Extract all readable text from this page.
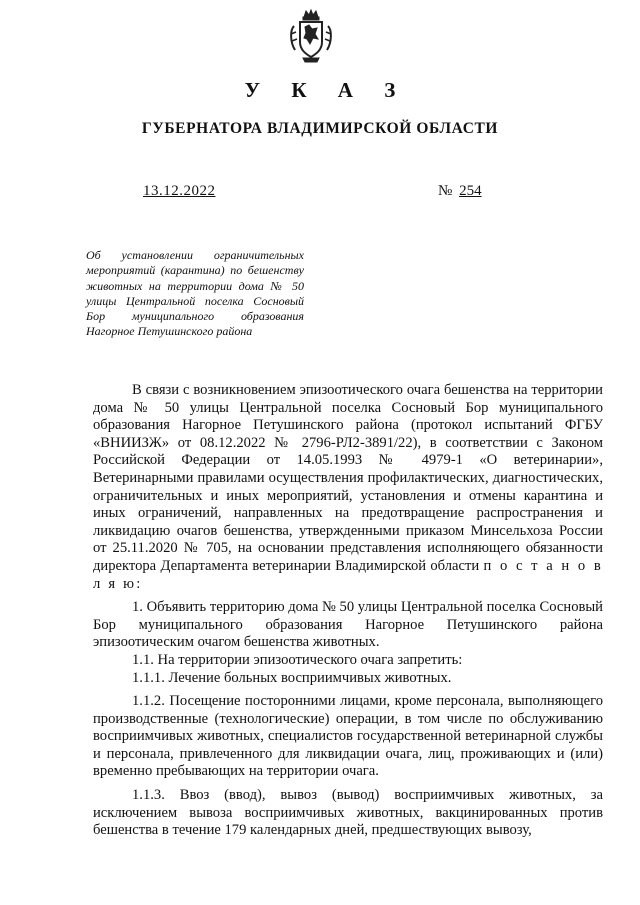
У К А З
ГУБЕРНАТОРА ВЛАДИМИРСКОЙ ОБЛАСТИ
13.12.2022	№ 254
Об установлении ограничительных мероприятий (карантина) по бешенству животных на территории дома № 50 улицы Центральной поселка Сосновый Бор муниципального образования Нагорное Петушинского района

В связи с возникновением эпизоотического очага бешенства на территории дома № 50 улицы Центральной поселка Сосновый Бор муниципального образования Нагорное Петушинского района (протокол испытаний ФГБУ «ВНИИЗЖ» от 08.12.2022 № 2796-РЛ2-3891/22), в соответствии с Законом Российской Федерации от 14.05.1993 № 4979-1 «О ветеринарии», Ветеринарными правилами осуществления профилактических, диагностических, ограничительных и иных мероприятий, установления и отмены карантина и иных ограничений, направленных на предотвращение распространения и ликвидацию очагов бешенства, утвержденными приказом Минсельхоза России от 25.11.2020 № 705, на основании представления исполняющего обязанности директора Департамента ветеринарии Владимирской области п о с т а н о в л я ю:

1. Объявить территорию дома № 50 улицы Центральной поселка Сосновый Бор муниципального образования Нагорное Петушинского района эпизоотическим очагом бешенства животных.

1.1. На территории эпизоотического очага запретить:

1.1.1. Лечение больных восприимчивых животных.

1.1.2. Посещение посторонними лицами, кроме персонала, выполняющего производственные (технологические) операции, в том числе по обслуживанию восприимчивых животных, специалистов государственной ветеринарной службы и персонала, привлеченного для ликвидации очага, лиц, проживающих и (или) временно пребывающих на территории очага.

1.1.3. Ввоз (ввод), вывоз (вывод) восприимчивых животных, за исключением вывоза восприимчивых животных, вакцинированных против бешенства в течение 179 календарных дней, предшествующих вывозу,
